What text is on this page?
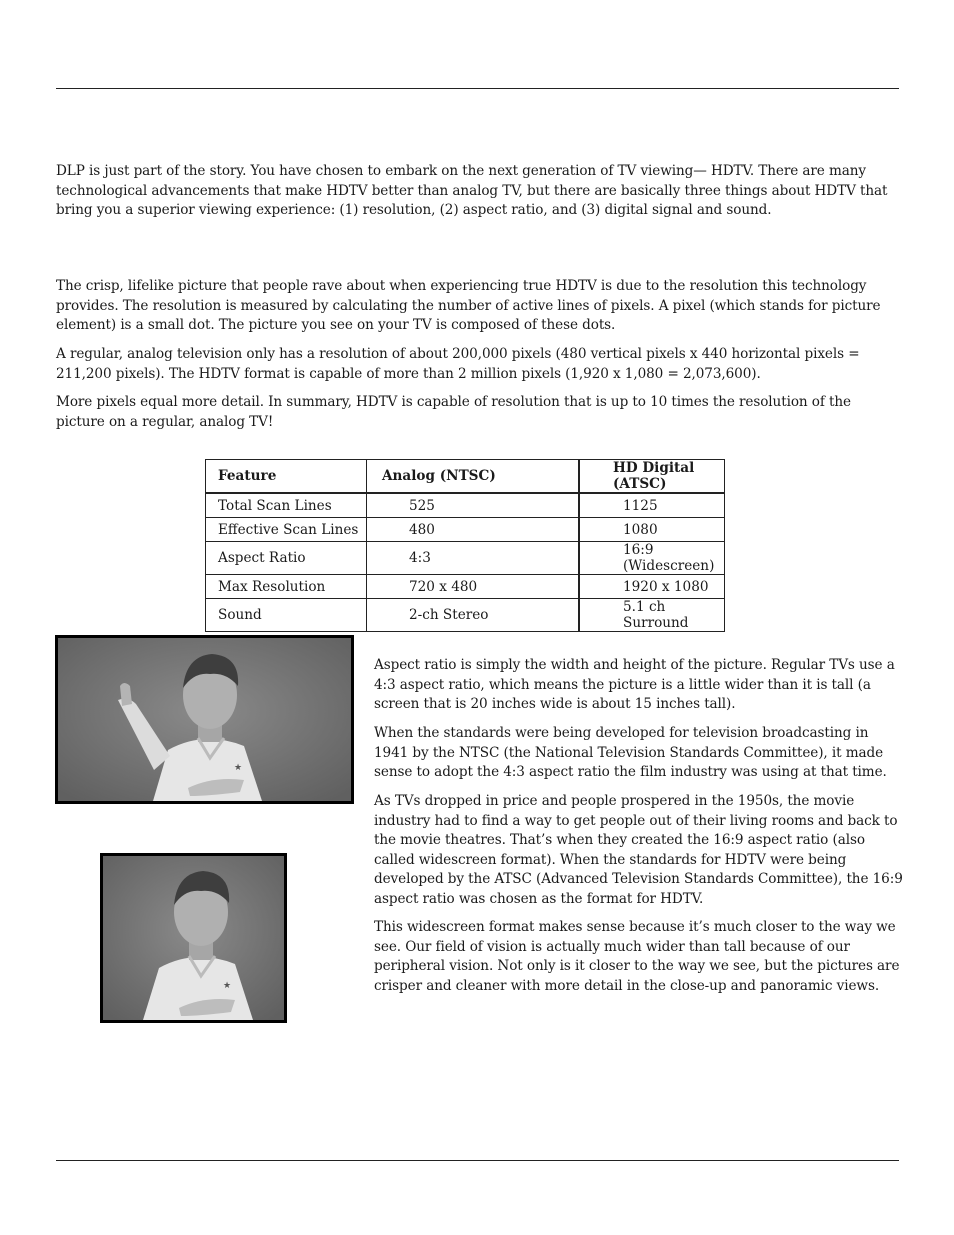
DLP is just part of the story. You have chosen to embark on the next generation of TV viewing— HDTV. There are many technological advancements that make HDTV better than analog TV, but there are basically three things about HDTV that bring you a superior viewing experience: (1) resolution, (2) aspect ratio, and (3) digital signal and sound.

The crisp, lifelike picture that people rave about when experiencing true HDTV is due to the resolution this technology provides. The resolution is measured by calculating the number of active lines of pixels. A pixel (which stands for picture element) is a small dot. The picture you see on your TV is composed of these dots.

A regular, analog television only has a resolution of about 200,000 pixels (480 vertical pixels x 440 horizontal pixels = 211,200 pixels). The HDTV format is capable of more than 2 million pixels (1,920 x 1,080 = 2,073,600).

More pixels equal more detail. In summary, HDTV is capable of resolution that is up to 10 times the resolution of the picture on a regular, analog TV!

Feature	Analog (NTSC)	HD Digital (ATSC)
Total Scan Lines	525	1125
Effective Scan Lines	480	1080
Aspect Ratio	4:3	16:9 (Widescreen)
Max Resolution	720 x 480	1920 x 1080
Sound	2-ch Stereo	5.1 ch Surround
★
★

Aspect ratio is simply the width and height of the picture. Regular TVs use a 4:3 aspect ratio, which means the picture is a little wider than it is tall (a screen that is 20 inches wide is about 15 inches tall).

When the standards were being developed for television broadcasting in 1941 by the NTSC (the National Television Standards Committee), it made sense to adopt the 4:3 aspect ratio the film industry was using at that time.

As TVs dropped in price and people prospered in the 1950s, the movie industry had to find a way to get people out of their living rooms and back to the movie theatres. That’s when they created the 16:9 aspect ratio (also called widescreen format). When the standards for HDTV were being developed by the ATSC (Advanced Television Standards Committee), the 16:9 aspect ratio was chosen as the format for HDTV.

This widescreen format makes sense because it’s much closer to the way we see. Our field of vision is actually much wider than tall because of our peripheral vision. Not only is it closer to the way we see, but the pictures are crisper and cleaner with more detail in the close-up and panoramic views.
